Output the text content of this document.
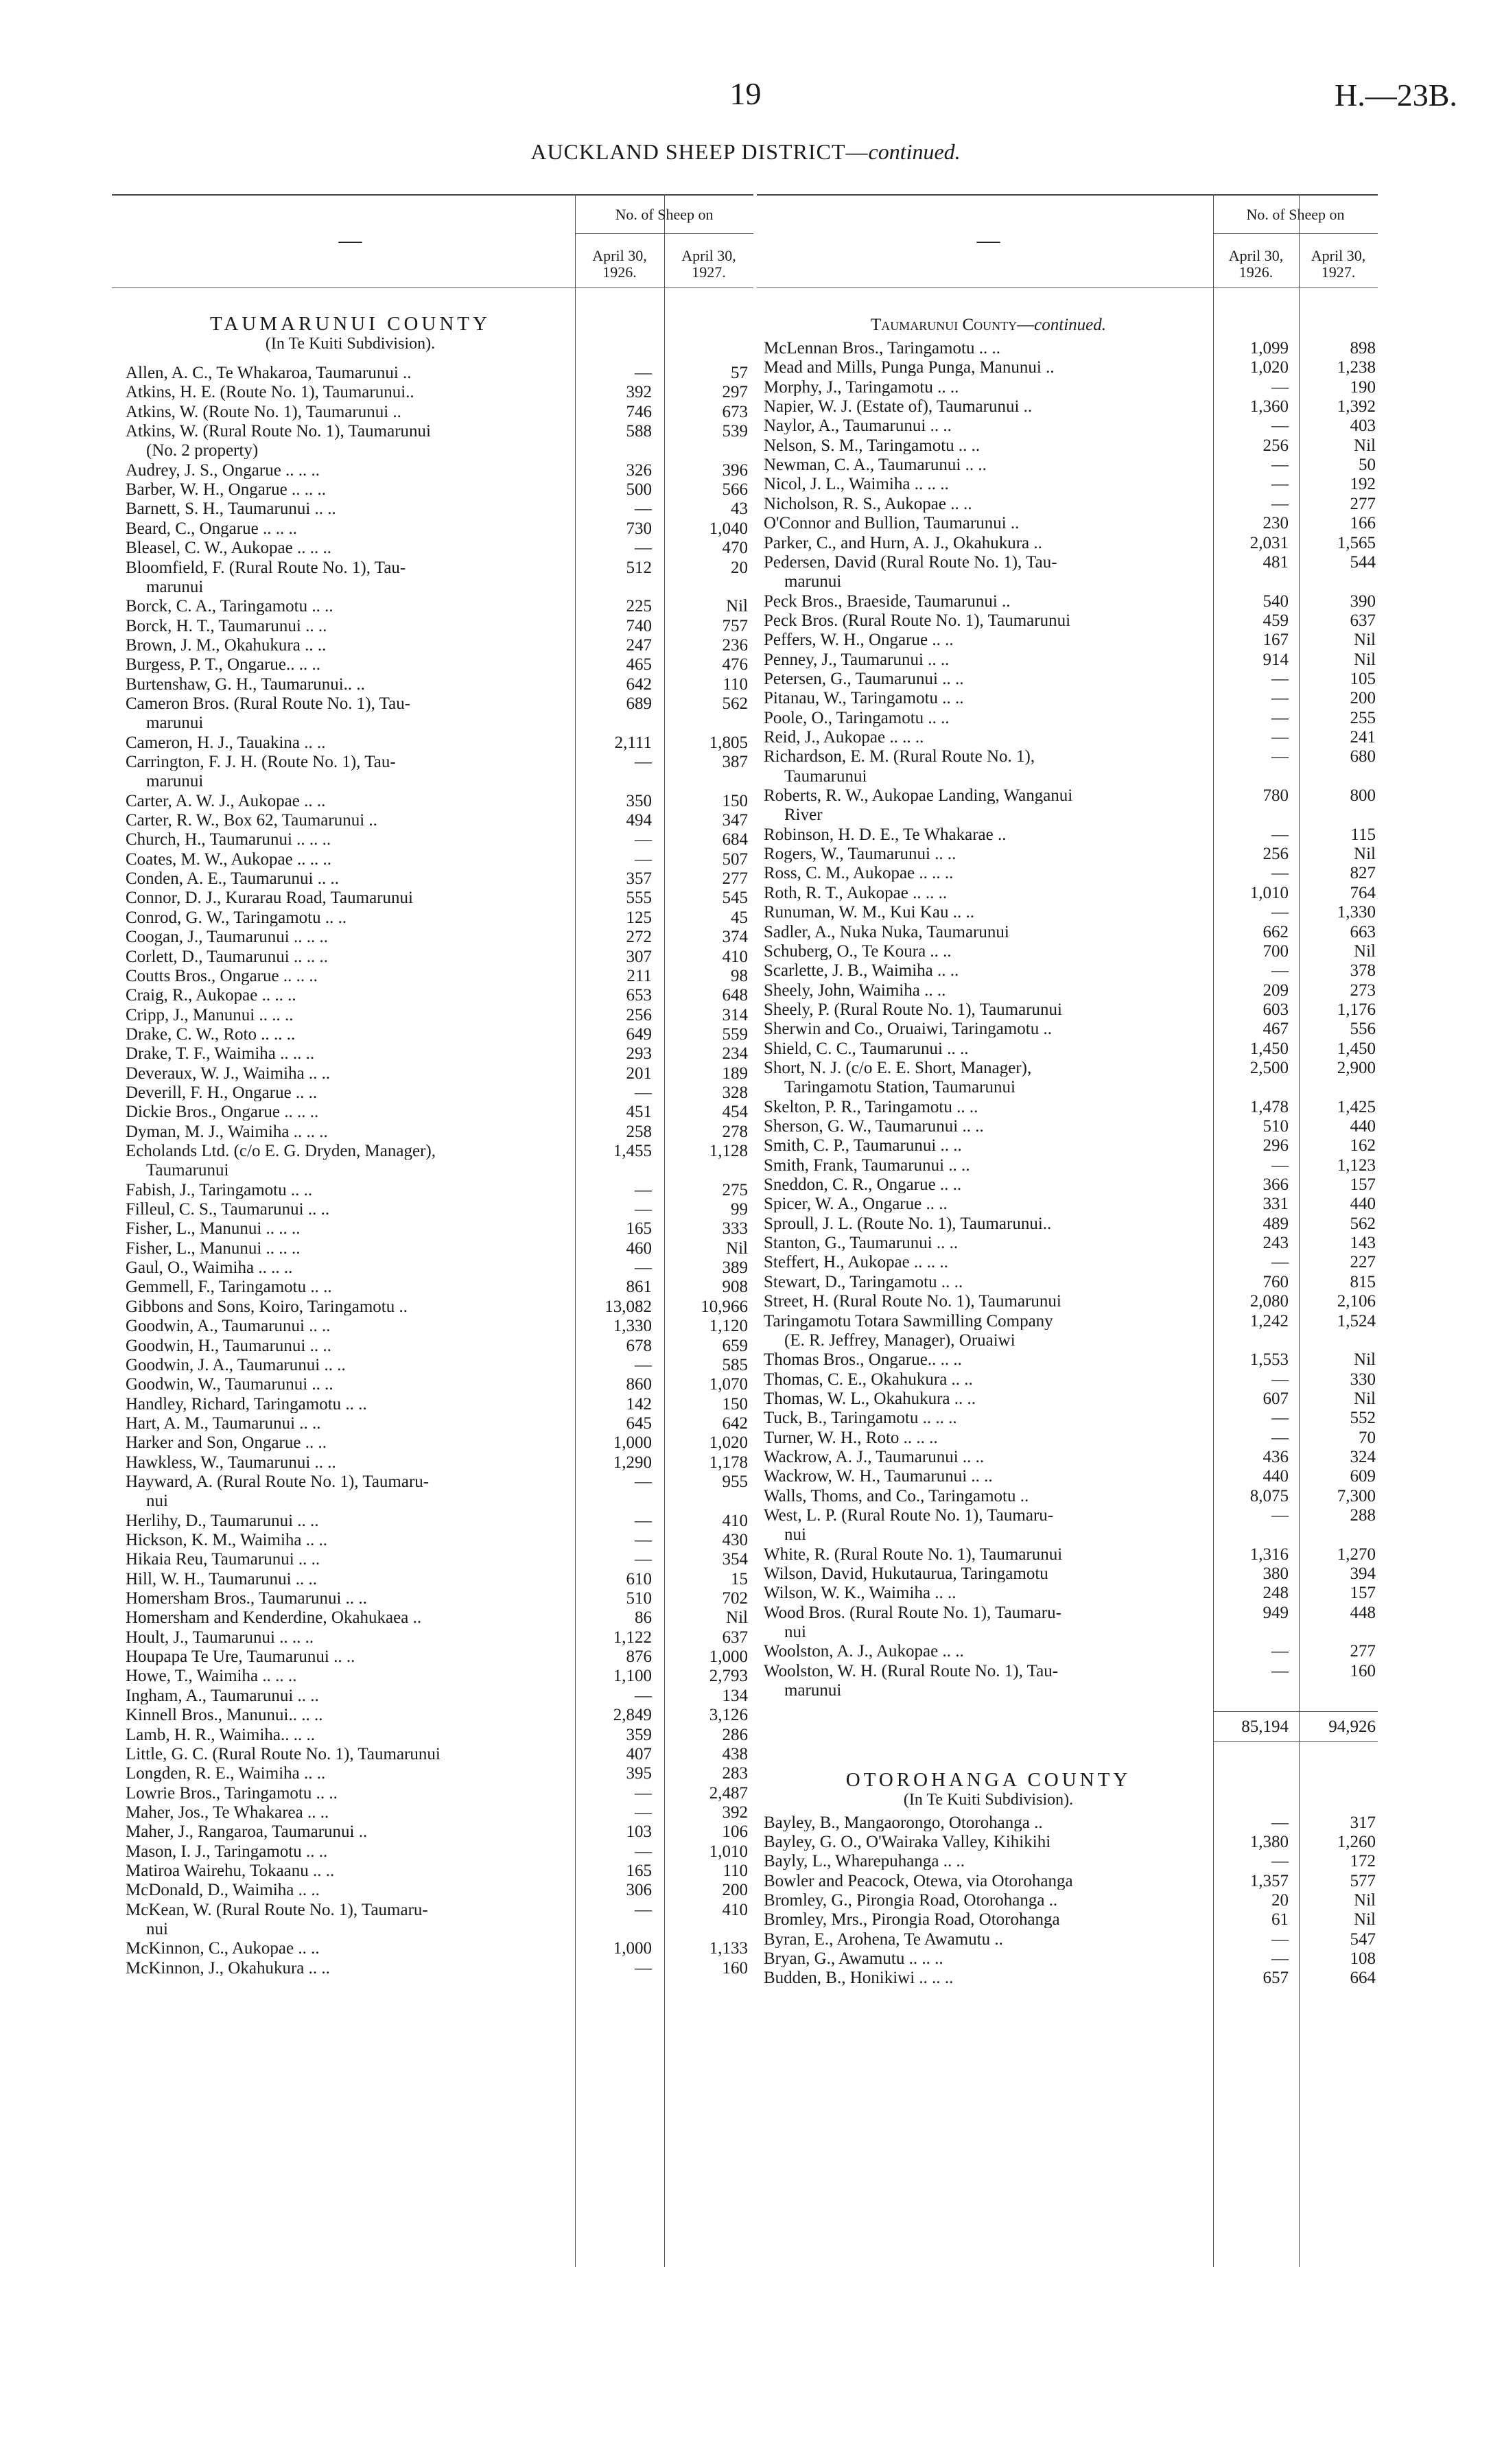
19	H.—23B.
AUCKLAND SHEEP DISTRICT—continued.
—
No. of Sheep on
April 30,
1926.
April 30,
1927.
TAUMARUNUI COUNTY
(In Te Kuiti Subdivision).
Allen, A. C., Te Whakaroa, Taumarunui ..	—	57
Atkins, H. E. (Route No. 1), Taumarunui..	392	297
Atkins, W. (Route No. 1), Taumarunui ..	746	673
Atkins, W. (Rural Route No. 1), Taumarunui	588	539
(No. 2 property)
Audrey, J. S., Ongarue .. .. ..	326	396
Barber, W. H., Ongarue .. .. ..	500	566
Barnett, S. H., Taumarunui .. ..	—	43
Beard, C., Ongarue .. .. ..	730	1,040
Bleasel, C. W., Aukopae .. .. ..	—	470
Bloomfield, F. (Rural Route No. 1), Tau-	512	20
marunui
Borck, C. A., Taringamotu .. ..	225	Nil
Borck, H. T., Taumarunui .. ..	740	757
Brown, J. M., Okahukura .. ..	247	236
Burgess, P. T., Ongarue.. .. ..	465	476
Burtenshaw, G. H., Taumarunui.. ..	642	110
Cameron Bros. (Rural Route No. 1), Tau-	689	562
marunui
Cameron, H. J., Tauakina .. ..	2,111	1,805
Carrington, F. J. H. (Route No. 1), Tau-	—	387
marunui
Carter, A. W. J., Aukopae .. ..	350	150
Carter, R. W., Box 62, Taumarunui ..	494	347
Church, H., Taumarunui .. .. ..	—	684
Coates, M. W., Aukopae .. .. ..	—	507
Conden, A. E., Taumarunui .. ..	357	277
Connor, D. J., Kurarau Road, Taumarunui	555	545
Conrod, G. W., Taringamotu .. ..	125	45
Coogan, J., Taumarunui .. .. ..	272	374
Corlett, D., Taumarunui .. .. ..	307	410
Coutts Bros., Ongarue .. .. ..	211	98
Craig, R., Aukopae .. .. ..	653	648
Cripp, J., Manunui .. .. ..	256	314
Drake, C. W., Roto .. .. ..	649	559
Drake, T. F., Waimiha .. .. ..	293	234
Deveraux, W. J., Waimiha .. ..	201	189
Deverill, F. H., Ongarue .. ..	—	328
Dickie Bros., Ongarue .. .. ..	451	454
Dyman, M. J., Waimiha .. .. ..	258	278
Echolands Ltd. (c/o E. G. Dryden, Manager),	1,455	1,128
Taumarunui
Fabish, J., Taringamotu .. ..	—	275
Filleul, C. S., Taumarunui .. ..	—	99
Fisher, L., Manunui .. .. ..	165	333
Fisher, L., Manunui .. .. ..	460	Nil
Gaul, O., Waimiha .. .. ..	—	389
Gemmell, F., Taringamotu .. ..	861	908
Gibbons and Sons, Koiro, Taringamotu ..	13,082	10,966
Goodwin, A., Taumarunui .. ..	1,330	1,120
Goodwin, H., Taumarunui .. ..	678	659
Goodwin, J. A., Taumarunui .. ..	—	585
Goodwin, W., Taumarunui .. ..	860	1,070
Handley, Richard, Taringamotu .. ..	142	150
Hart, A. M., Taumarunui .. ..	645	642
Harker and Son, Ongarue .. ..	1,000	1,020
Hawkless, W., Taumarunui .. ..	1,290	1,178
Hayward, A. (Rural Route No. 1), Taumaru-	—	955
nui
Herlihy, D., Taumarunui .. ..	—	410
Hickson, K. M., Waimiha .. ..	—	430
Hikaia Reu, Taumarunui .. ..	—	354
Hill, W. H., Taumarunui .. ..	610	15
Homersham Bros., Taumarunui .. ..	510	702
Homersham and Kenderdine, Okahukaea ..	86	Nil
Hoult, J., Taumarunui .. .. ..	1,122	637
Houpapa Te Ure, Taumarunui .. ..	876	1,000
Howe, T., Waimiha .. .. ..	1,100	2,793
Ingham, A., Taumarunui .. ..	—	134
Kinnell Bros., Manunui.. .. ..	2,849	3,126
Lamb, H. R., Waimiha.. .. ..	359	286
Little, G. C. (Rural Route No. 1), Taumarunui	407	438
Longden, R. E., Waimiha .. ..	395	283
Lowrie Bros., Taringamotu .. ..	—	2,487
Maher, Jos., Te Whakarea .. ..	—	392
Maher, J., Rangaroa, Taumarunui ..	103	106
Mason, I. J., Taringamotu .. ..	—	1,010
Matiroa Wairehu, Tokaanu .. ..	165	110
McDonald, D., Waimiha .. ..	306	200
McKean, W. (Rural Route No. 1), Taumaru-	—	410
nui
McKinnon, C., Aukopae .. ..	1,000	1,133
McKinnon, J., Okahukura .. ..	—	160
—
No. of Sheep on
April 30,
1926.
April 30,
1927.
Taumarunui County—continued.
McLennan Bros., Taringamotu .. ..	1,099	898
Mead and Mills, Punga Punga, Manunui ..	1,020	1,238
Morphy, J., Taringamotu .. ..	—	190
Napier, W. J. (Estate of), Taumarunui ..	1,360	1,392
Naylor, A., Taumarunui .. ..	—	403
Nelson, S. M., Taringamotu .. ..	256	Nil
Newman, C. A., Taumarunui .. ..	—	50
Nicol, J. L., Waimiha .. .. ..	—	192
Nicholson, R. S., Aukopae .. ..	—	277
O'Connor and Bullion, Taumarunui ..	230	166
Parker, C., and Hurn, A. J., Okahukura ..	2,031	1,565
Pedersen, David (Rural Route No. 1), Tau-	481	544
marunui
Peck Bros., Braeside, Taumarunui ..	540	390
Peck Bros. (Rural Route No. 1), Taumarunui	459	637
Peffers, W. H., Ongarue .. ..	167	Nil
Penney, J., Taumarunui .. ..	914	Nil
Petersen, G., Taumarunui .. ..	—	105
Pitanau, W., Taringamotu .. ..	—	200
Poole, O., Taringamotu .. ..	—	255
Reid, J., Aukopae .. .. ..	—	241
Richardson, E. M. (Rural Route No. 1),	—	680
Taumarunui
Roberts, R. W., Aukopae Landing, Wanganui	780	800
River
Robinson, H. D. E., Te Whakarae ..	—	115
Rogers, W., Taumarunui .. ..	256	Nil
Ross, C. M., Aukopae .. .. ..	—	827
Roth, R. T., Aukopae .. .. ..	1,010	764
Runuman, W. M., Kui Kau .. ..	—	1,330
Sadler, A., Nuka Nuka, Taumarunui	662	663
Schuberg, O., Te Koura .. ..	700	Nil
Scarlette, J. B., Waimiha .. ..	—	378
Sheely, John, Waimiha .. ..	209	273
Sheely, P. (Rural Route No. 1), Taumarunui	603	1,176
Sherwin and Co., Oruaiwi, Taringamotu ..	467	556
Shield, C. C., Taumarunui .. ..	1,450	1,450
Short, N. J. (c/o E. E. Short, Manager),	2,500	2,900
Taringamotu Station, Taumarunui
Skelton, P. R., Taringamotu .. ..	1,478	1,425
Sherson, G. W., Taumarunui .. ..	510	440
Smith, C. P., Taumarunui .. ..	296	162
Smith, Frank, Taumarunui .. ..	—	1,123
Sneddon, C. R., Ongarue .. ..	366	157
Spicer, W. A., Ongarue .. ..	331	440
Sproull, J. L. (Route No. 1), Taumarunui..	489	562
Stanton, G., Taumarunui .. ..	243	143
Steffert, H., Aukopae .. .. ..	—	227
Stewart, D., Taringamotu .. ..	760	815
Street, H. (Rural Route No. 1), Taumarunui	2,080	2,106
Taringamotu Totara Sawmilling Company	1,242	1,524
(E. R. Jeffrey, Manager), Oruaiwi
Thomas Bros., Ongarue.. .. ..	1,553	Nil
Thomas, C. E., Okahukura .. ..	—	330
Thomas, W. L., Okahukura .. ..	607	Nil
Tuck, B., Taringamotu .. .. ..	—	552
Turner, W. H., Roto .. .. ..	—	70
Wackrow, A. J., Taumarunui .. ..	436	324
Wackrow, W. H., Taumarunui .. ..	440	609
Walls, Thoms, and Co., Taringamotu ..	8,075	7,300
West, L. P. (Rural Route No. 1), Taumaru-	—	288
nui
White, R. (Rural Route No. 1), Taumarunui	1,316	1,270
Wilson, David, Hukutaurua, Taringamotu	380	394
Wilson, W. K., Waimiha .. ..	248	157
Wood Bros. (Rural Route No. 1), Taumaru-	949	448
nui
Woolston, A. J., Aukopae .. ..	—	277
Woolston, W. H. (Rural Route No. 1), Tau-	—	160
marunui
85,194	94,926
OTOROHANGA COUNTY
(In Te Kuiti Subdivision).
Bayley, B., Mangaorongo, Otorohanga ..	—	317
Bayley, G. O., O'Wairaka Valley, Kihikihi	1,380	1,260
Bayly, L., Wharepuhanga .. ..	—	172
Bowler and Peacock, Otewa, via Otorohanga	1,357	577
Bromley, G., Pirongia Road, Otorohanga ..	20	Nil
Bromley, Mrs., Pirongia Road, Otorohanga	61	Nil
Byran, E., Arohena, Te Awamutu ..	—	547
Bryan, G., Awamutu .. .. ..	—	108
Budden, B., Honikiwi .. .. ..	657	664
